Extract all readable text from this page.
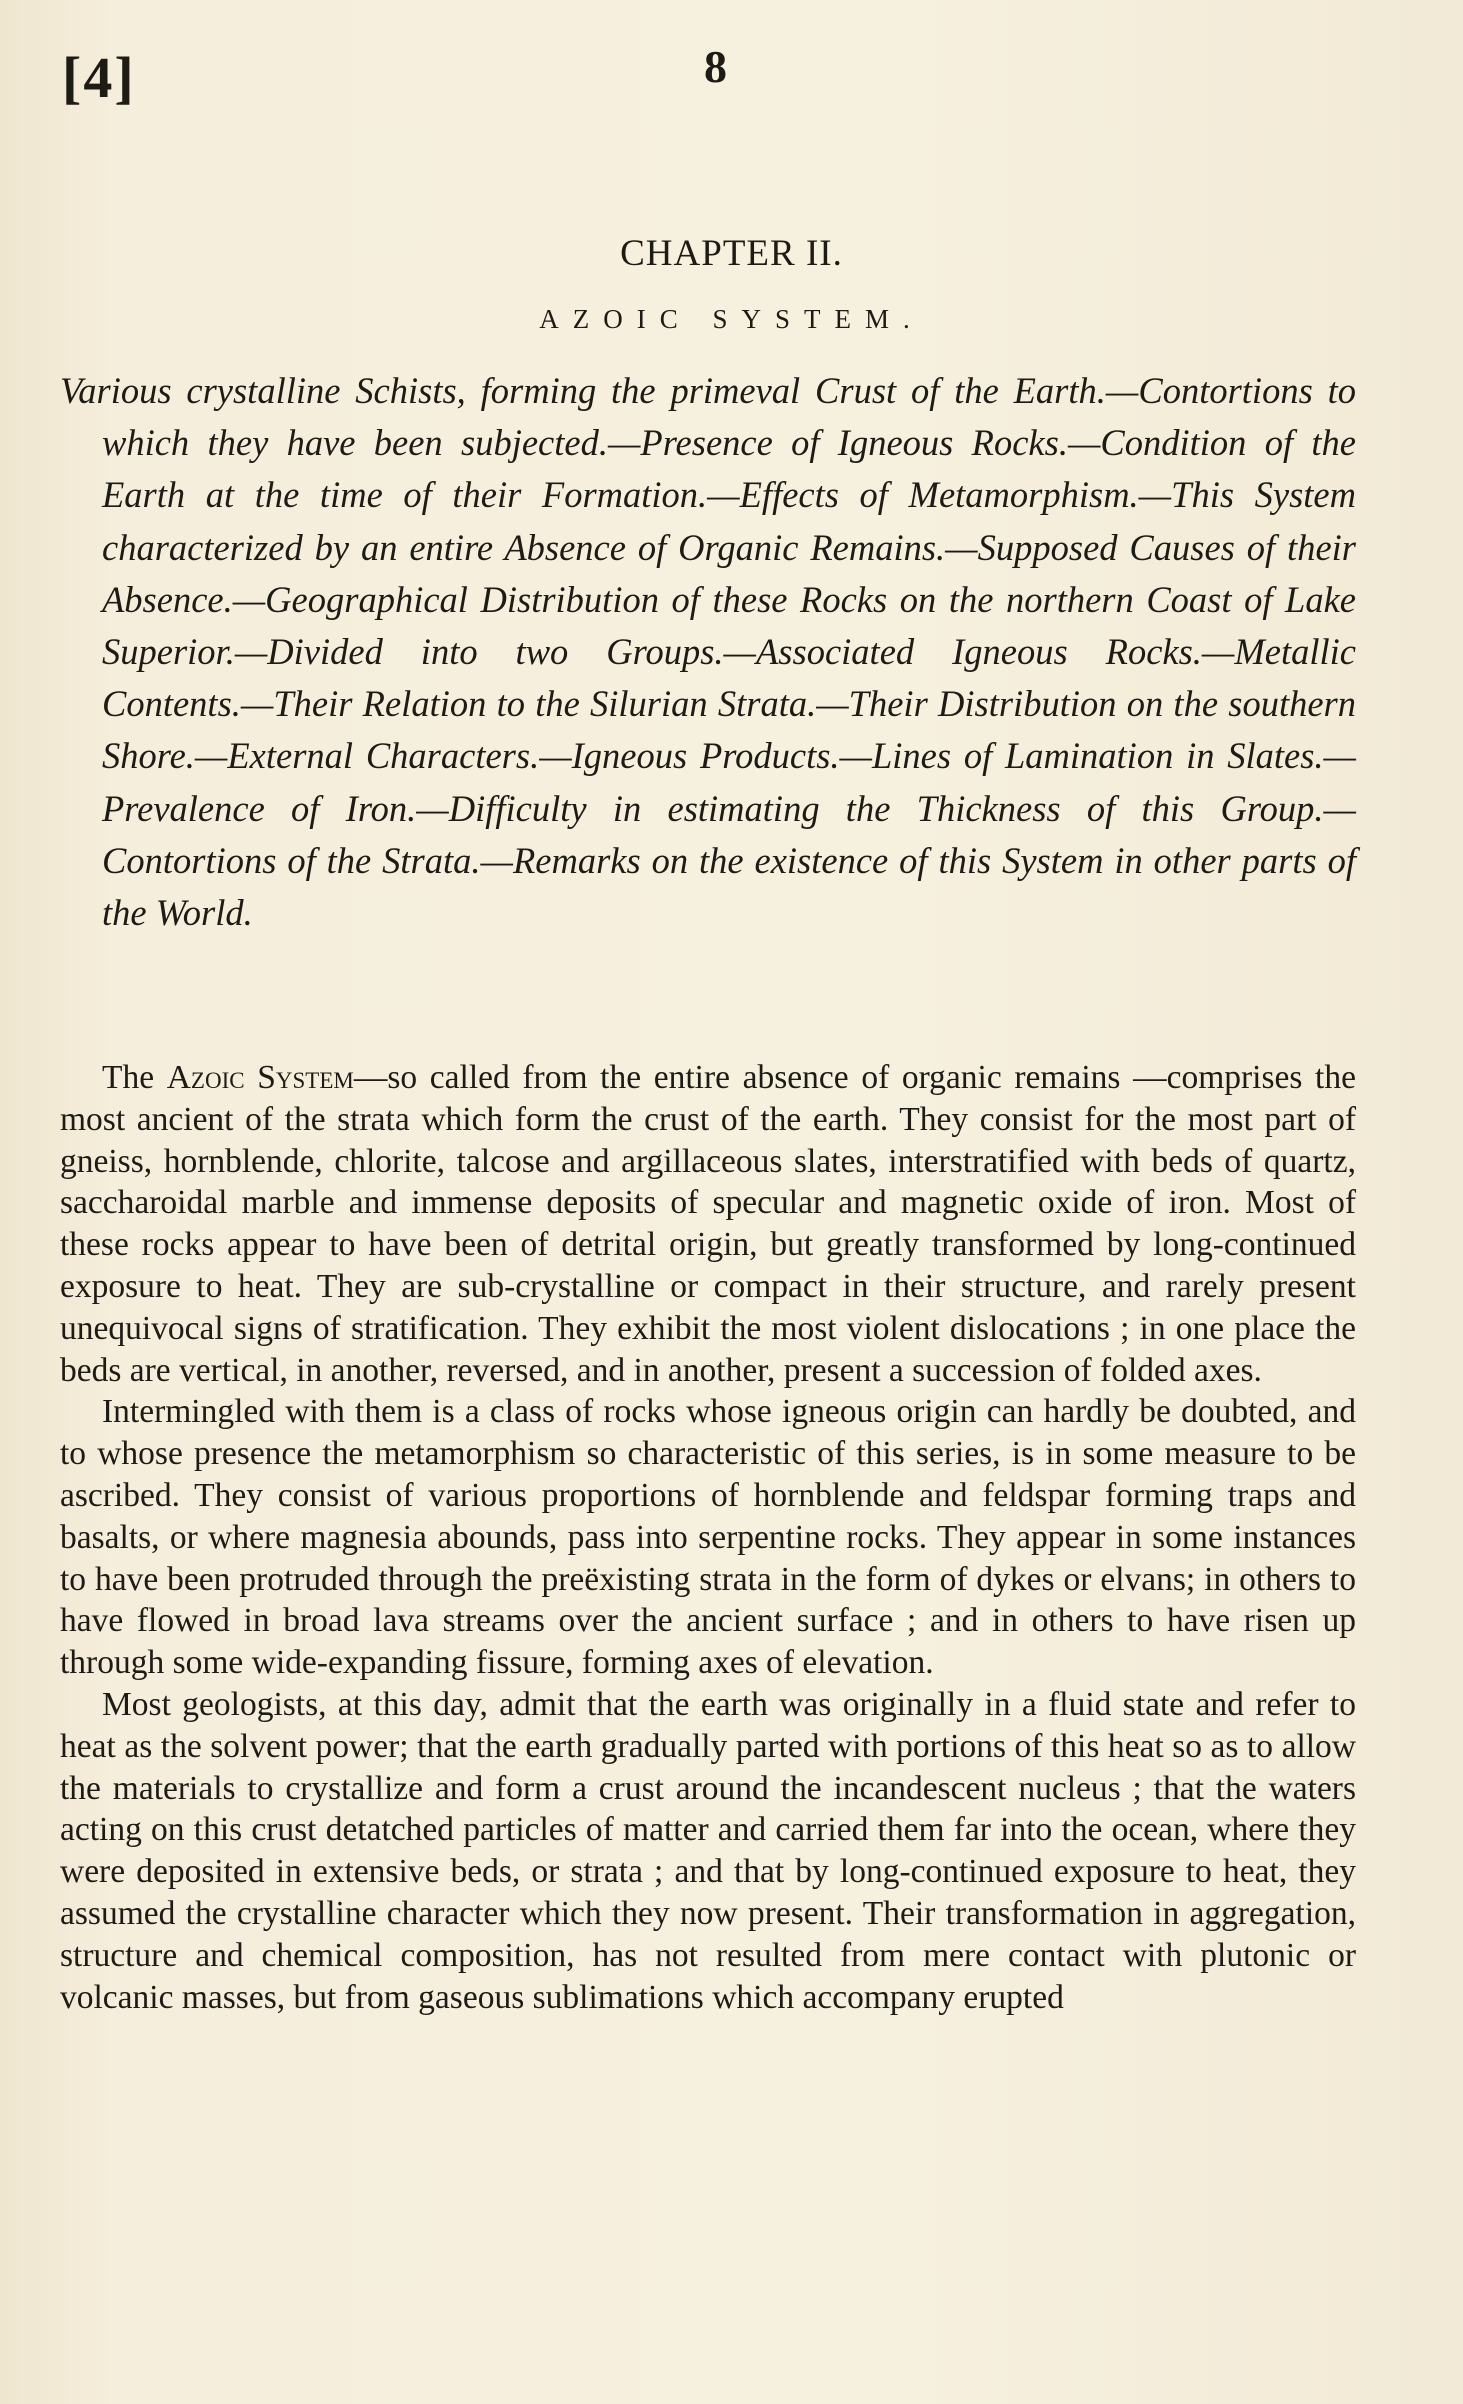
[4]	8
CHAPTER II.
AZOIC SYSTEM.
Various crystalline Schists, forming the primeval Crust of the Earth.—Contortions to which they have been subjected.—Presence of Igneous Rocks.—Condition of the Earth at the time of their Formation.—Effects of Metamorphism.—This System characterized by an entire Absence of Organic Remains.—Supposed Causes of their Absence.—Geographical Distribution of these Rocks on the northern Coast of Lake Superior.—Divided into two Groups.—Associated Igneous Rocks.—Metallic Contents.—Their Relation to the Silurian Strata.—Their Distribution on the southern Shore.—External Characters.—Igneous Products.—Lines of Lamination in Slates.—Prevalence of Iron.—Difficulty in estimating the Thickness of this Group.—Contortions of the Strata.—Remarks on the existence of this System in other parts of the World.

The Azoic System—so called from the entire absence of organic remains —comprises the most ancient of the strata which form the crust of the earth. They consist for the most part of gneiss, hornblende, chlorite, talcose and argillaceous slates, interstratified with beds of quartz, saccharoidal marble and immense deposits of specular and magnetic oxide of iron. Most of these rocks appear to have been of detrital origin, but greatly transformed by long-continued exposure to heat. They are sub-crystalline or compact in their structure, and rarely present unequivocal signs of stratification. They exhibit the most violent dislocations ; in one place the beds are vertical, in another, reversed, and in another, present a succession of folded axes.

Intermingled with them is a class of rocks whose igneous origin can hardly be doubted, and to whose presence the metamorphism so characteristic of this series, is in some measure to be ascribed. They consist of various proportions of hornblende and feldspar forming traps and basalts, or where magnesia abounds, pass into serpentine rocks. They appear in some instances to have been protruded through the preëxisting strata in the form of dykes or elvans; in others to have flowed in broad lava streams over the ancient surface ; and in others to have risen up through some wide-expanding fissure, forming axes of elevation.

Most geologists, at this day, admit that the earth was originally in a fluid state and refer to heat as the solvent power; that the earth gradually parted with portions of this heat so as to allow the materials to crystallize and form a crust around the incandescent nucleus ; that the waters acting on this crust detatched particles of matter and carried them far into the ocean, where they were deposited in extensive beds, or strata ; and that by long-continued exposure to heat, they assumed the crystalline character which they now present. Their transformation in aggregation, structure and chemical composition, has not resulted from mere contact with plutonic or volcanic masses, but from gaseous sublimations which accompany erupted
